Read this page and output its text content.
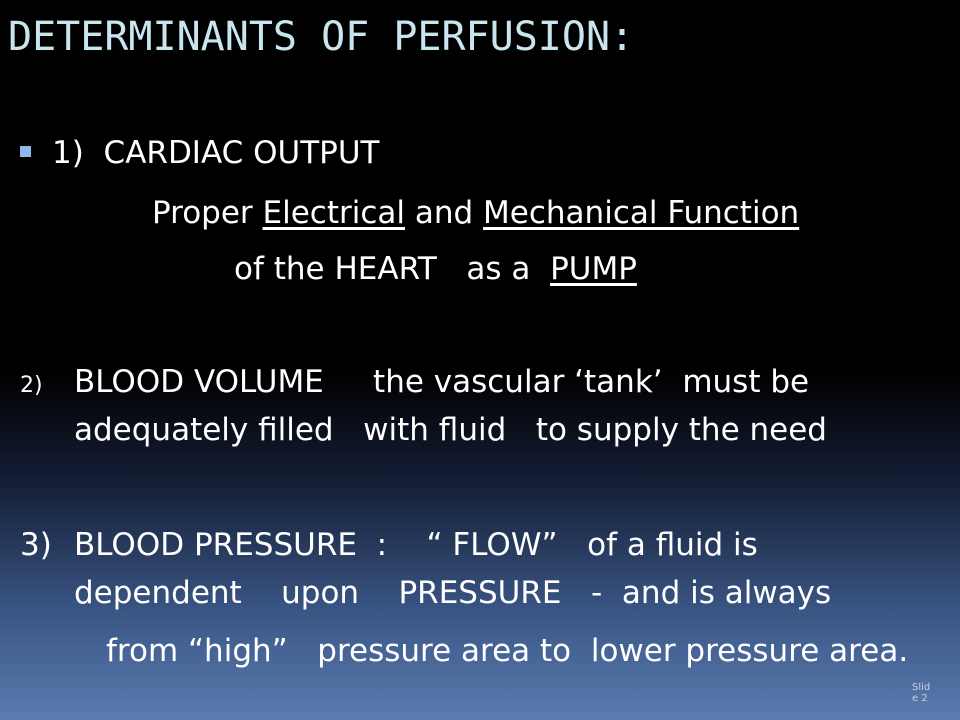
DETERMINANTS OF PERFUSION:
1) CARDIAC OUTPUT
Proper Electrical and Mechanical Function
of the HEART   as a  PUMP
2) BLOOD VOLUME     the vascular ‘tank’  must be
adequately filled   with fluid   to supply the need
3) BLOOD PRESSURE  :    “ FLOW”   of a fluid is
dependent    upon    PRESSURE   -  and is always
from “high”   pressure area to  lower pressure area.
Slide 2
